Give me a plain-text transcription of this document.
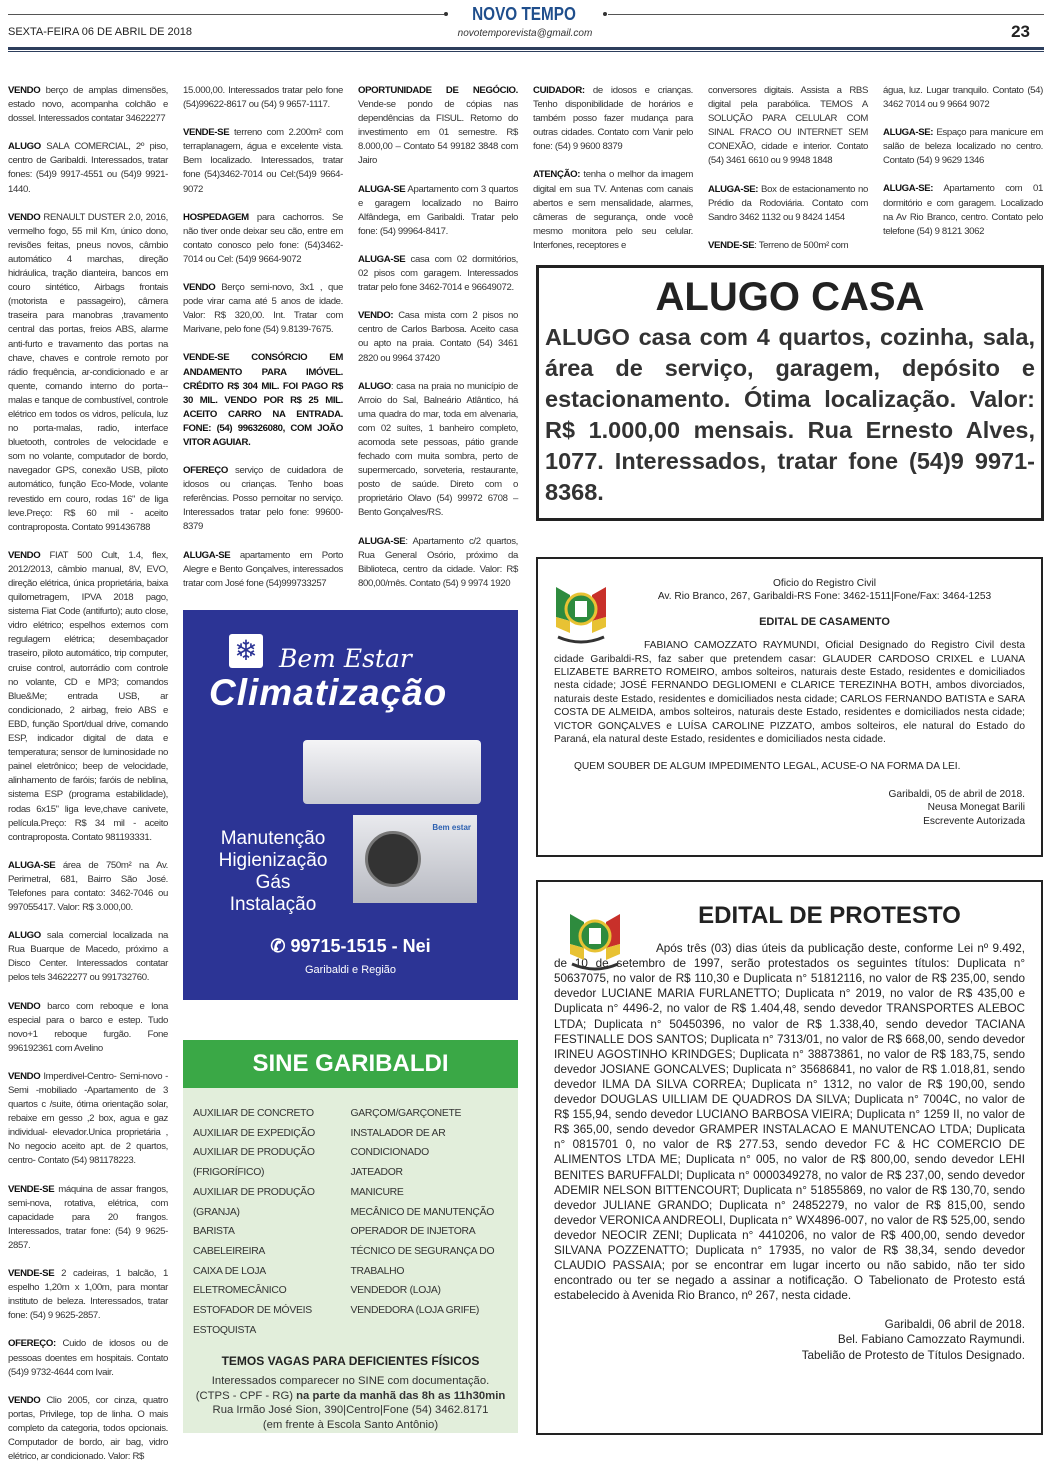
NOVO TEMPO
SEXTA-FEIRA 06 DE ABRIL DE 2018	novotemporevista@gmail.com	23

VENDO berço de amplas dimensões, estado novo, acompanha colchão e dossel. Interessados contatar 34622277

ALUGO SALA COMERCIAL, 2º piso, centro de Garibaldi. Interessados, tratar fones: (54)9 9917-4551 ou (54)9 9921-1440.

VENDO RENAULT DUSTER 2.0, 2016, vermelho fogo, 55 mil Km, único dono, revisões feitas, pneus novos, câmbio automático 4 marchas, direção hidráulica, tração dianteira, bancos em couro sintético, Airbags frontais (motorista e passageiro), câmera traseira para manobras ,travamento central das portas, freios ABS, alarme anti-furto e travamento das portas na chave, chaves e controle remoto por rádio frequência, ar-condicionado e ar quente, comando interno do porta--malas e tanque de combustível, controle elétrico em todos os vidros, película, luz no porta-malas, radio, interface bluetooth, controles de velocidade e som no volante, computador de bordo, navegador GPS, conexão USB, piloto automático, função Eco-Mode, volante revestido em couro, rodas 16" de liga leve.Preço: R$ 60 mil - aceito contraproposta. Contato 991436788

VENDO FIAT 500 Cult, 1.4, flex, 2012/2013, câmbio manual, 8V, EVO, direção elétrica, única proprietária, baixa quilometragem, IPVA 2018 pago, sistema Fiat Code (antifurto); auto close, vidro elétrico; espelhos externos com regulagem elétrica; desembaçador traseiro, piloto automático, trip computer, cruise control, autorrádio com controle no volante, CD e MP3; comandos Blue&Me; entrada USB, ar condicionado, 2 airbag, freio ABS e EBD, função Sport/dual drive, comando ESP, indicador digital de data e temperatura; sensor de luminosidade no painel eletrônico; beep de velocidade, alinhamento de faróis; faróis de neblina, sistema ESP (programa estabilidade), rodas 6x15" liga leve,chave canivete, película.Preço: R$ 34 mil - aceito contraproposta. Contato 981193331.

ALUGA-SE área de 750m² na Av. Perimetral, 681, Bairro São José. Telefones para contato: 3462-7046 ou 997055417. Valor: R$ 3.000,00.

ALUGO sala comercial localizada na Rua Buarque de Macedo, próximo a Disco Center. Interessados contatar pelos tels 34622277 ou 991732760.

VENDO barco com reboque e lona especial para o barco e estep. Tudo novo+1 reboque furgão. Fone 996192361 com Avelino

VENDO Imperdivel-Centro- Semi-novo - Semi -mobiliado -Apartamento de 3 quartos c /suite, ótima orientação solar, rebaixe em gesso ,2 box, agua e gaz individual- elevador.Unica proprietária , No negocio aceito apt. de 2 quartos, centro- Contato (54) 981178223.

VENDE-SE máquina de assar frangos, semi-nova, rotativa, elétrica, com capacidade para 20 frangos. Interessados, tratar fone: (54) 9 9625-2857.

VENDE-SE 2 cadeiras, 1 balcão, 1 espelho 1,20m x 1,00m, para montar instituto de beleza. Interessados, tratar fone: (54) 9 9625-2857.

OFEREÇO: Cuido de idosos ou de pessoas doentes em hospitais. Contato (54)9 9732-4644 com Ivair.

VENDO Clio 2005, cor cinza, quatro portas, Privilege, top de linha. O mais completo da categoria, todos opcionais. Computador de bordo, air bag, vidro elétrico, ar condicionado. Valor: R$

15.000,00. Interessados tratar pelo fone (54)99622-8617 ou (54) 9 9657-1117.

VENDE-SE terreno com 2.200m² com terraplanagem, água e excelente vista. Bem localizado. Interessados, tratar fone (54)3462-7014 ou Cel:(54)9 9664-9072

HOSPEDAGEM para cachorros. Se não tiver onde deixar seu cão, entre em contato conosco pelo fone: (54)3462-7014 ou Cel: (54)9 9664-9072

VENDO Berço semi-novo, 3x1 , que pode virar cama até 5 anos de idade. Valor: R$ 320,00. Int. Tratar com Marivane, pelo fone (54) 9.8139-7675.

VENDE-SE CONSÓRCIO EM ANDAMENTO PARA IMÓVEL. CRÉDITO R$ 304 MIL. FOI PAGO R$ 30 MIL. VENDO POR R$ 25 MIL. ACEITO CARRO NA ENTRADA. FONE: (54) 996326080, COM JOÃO VITOR AGUIAR.

OFEREÇO serviço de cuidadora de idosos ou crianças. Tenho boas referências. Posso pernoitar no serviço. Interessados tratar pelo fone: 99600-8379

ALUGA-SE apartamento em Porto Alegre e Bento Gonçalves, interessados tratar com José fone (54)999733257

OPORTUNIDADE DE NEGÓCIO. Vende-se pondo de cópias nas dependências da FISUL. Retorno do investimento em 01 semestre. R$ 8.000,00 – Contato 54 99182 3848 com Jairo

ALUGA-SE Apartamento com 3 quartos e garagem localizado no Bairro Alfândega, em Garibaldi. Tratar pelo fone: (54) 99964-8417.

ALUGA-SE casa com 02 dormitórios, 02 pisos com garagem. Interessados tratar pelo fone 3462-7014 e 96649072.

VENDO: Casa mista com 2 pisos no centro de Carlos Barbosa. Aceito casa ou apto na praia. Contato (54) 3461 2820 ou 9964 37420

ALUGO: casa na praia no município de Arroio do Sal, Balneário Atlântico, há uma quadra do mar, toda em alvenaria, com 02 suítes, 1 banheiro completo, acomoda sete pessoas, pátio grande fechado com muita sombra, perto de supermercado, sorveteria, restaurante, posto de saúde. Direto com o proprietário Olavo (54) 99972 6708 – Bento Gonçalves/RS.

ALUGA-SE: Apartamento c/2 quartos, Rua General Osório, próximo da Biblioteca, centro da cidade. Valor: R$ 800,00/mês. Contato (54) 9 9974 1920

CUIDADOR: de idosos e crianças. Tenho disponibilidade de horários e também posso fazer mudança para outras cidades. Contato com Vanir pelo fone: (54) 9 9600 8379

ATENÇÃO: tenha o melhor da imagem digital em sua TV. Antenas com canais abertos e sem mensalidade, alarmes, câmeras de segurança, onde você mesmo monitora pelo seu celular. Interfones, receptores e

conversores digitais. Assista a RBS digital pela parabólica. TEMOS A SOLUÇÃO PARA CELULAR COM SINAL FRACO OU INTERNET SEM CONEXÃO, cidade e interior. Contato (54) 3461 6610 ou 9 9948 1848

ALUGA-SE: Box de estacionamento no Prédio da Rodoviária. Contato com Sandro 3462 1132 ou 9 8424 1454

VENDE-SE: Terreno de 500m² com

água, luz. Lugar tranquilo. Contato (54) 3462 7014 ou 9 9664 9072

ALUGA-SE: Espaço para manicure em salão de beleza localizado no centro. Contato (54) 9 9629 1346

ALUGA-SE: Apartamento com 01 dormitório e com garagem. Localizado na Av Rio Branco, centro. Contato pelo telefone (54) 9 8121 3062

ALUGO CASA

ALUGO casa com 4 quartos, cozinha, sala, área de serviço, garagem, depósito e estacionamento. Ótima localização. Valor: R$ 1.000,00 mensais. Rua Ernesto Alves, 1077. Interessados, tratar fone (54)9 9971-8368.

Oficio do Registro Civil
Av. Rio Branco, 267, Garibaldi-RS Fone: 3462-1511|Fone/Fax: 3464-1253
EDITAL DE CASAMENTO

FABIANO CAMOZZATO RAYMUNDI, Oficial Designado do Registro Civil desta cidade Garibaldi-RS, faz saber que pretendem casar: GLAUDER CARDOSO CRIXEL e LUANA ELIZABETE BARRETO ROMEIRO, ambos solteiros, naturais deste Estado, residentes e domiciliados nesta cidade; JOSÉ FERNANDO DEGLIOMENI e CLARICE TEREZINHA BOTH, ambos divorciados, naturais deste Estado, residentes e domiciliados nesta cidade; CARLOS FERNANDO BATISTA e SARA COSTA DE ALMEIDA, ambos solteiros, naturais deste Estado, residentes e domiciliados nesta cidade; VICTOR GONÇALVES e LUÍSA CAROLINE PIZZATO, ambos solteiros, ele natural do Estado do Paraná, ela natural deste Estado, residentes e domiciliados nesta cidade.

QUEM SOUBER DE ALGUM IMPEDIMENTO LEGAL, ACUSE-O NA FORMA DA LEI.

Garibaldi, 05 de abril de 2018.

Neusa Monegat Barili

Escrevente Autorizada

EDITAL DE PROTESTO

Após três (03) dias úteis da publicação deste, conforme Lei nº 9.492, de 10 de setembro de 1997, serão protestados os seguintes títulos: Duplicata n° 50637075, no valor de R$ 110,30 e Duplicata n° 51812116, no valor de R$ 235,00, sendo devedor LUCIANE MARIA FURLANETTO; Duplicata n° 2019, no valor de R$ 435,00 e Duplicata n° 4496-2, no valor de R$ 1.404,48, sendo devedor TRANSPORTES ALEBOC LTDA; Duplicata n° 50450396, no valor de R$ 1.338,40, sendo devedor TACIANA FESTINALLE DOS SANTOS; Duplicata n° 7313/01, no valor de R$ 668,00, sendo devedor IRINEU AGOSTINHO KRINDGES; Duplicata n° 38873861, no valor de R$ 183,75, sendo devedor JOSIANE GONCALVES; Duplicata n° 35686841, no valor de R$ 1.018,81, sendo devedor ILMA DA SILVA CORREA; Duplicata n° 1312, no valor de R$ 190,00, sendo devedor DOUGLAS UILLIAM DE QUADROS DA SILVA; Duplicata n° 7004C, no valor de R$ 155,94, sendo devedor LUCIANO BARBOSA VIEIRA; Duplicata n° 1259 II, no valor de R$ 365,00, sendo devedor GRAMPER INSTALACAO E MANUTENCAO LTDA; Duplicata n° 0815701 0, no valor de R$ 277.53, sendo devedor FC & HC COMERCIO DE ALIMENTOS LTDA ME; Duplicata n° 005, no valor de R$ 800,00, sendo devedor LEHI BENITES BARUFFALDI; Duplicata n° 0000349278, no valor de R$ 237,00, sendo devedor ADEMIR NELSON BITTENCOURT; Duplicata n° 51855869, no valor de R$ 130,70, sendo devedor JULIANE GRANDO; Duplicata n° 24852279, no valor de R$ 815,00, sendo devedor VERONICA ANDREOLI, Duplicata n° WX4896-007, no valor de R$ 525,00, sendo devedor NEOCIR ZENI; Duplicata n° 4410206, no valor de R$ 400,00, sendo devedor SILVANA POZZENATTO; Duplicata n° 17935, no valor de R$ 38,34, sendo devedor CLAUDIO PASSAIA; por se encontrar em lugar incerto ou não sabido, não ter sido encontrado ou ter se negado a assinar a notificação. O Tabelionato de Protesto está estabelecido à Avenida Rio Branco, nº 267, nesta cidade.

Garibaldi, 06 abril de 2018.

Bel. Fabiano Camozzato Raymundi.

Tabelião de Protesto de Títulos Designado.

❄ Bem Estar
Climatização
Bem estar
Manutenção
Higienização
Gás
Instalação
✆ 99715-1515 - Nei
Garibaldi e Região
SINE GARIBALDI
AUXILIAR DE CONCRETO
AUXILIAR DE EXPEDIÇÃO
AUXILIAR DE PRODUÇÃO
(FRIGORÍFICO)
AUXILIAR DE PRODUÇÃO (GRANJA)
BARISTA
CABELEIREIRA
CAIXA DE LOJA
ELETROMECÂNICO
ESTOFADOR DE MÓVEIS
ESTOQUISTA
GARÇOM/GARÇONETE
INSTALADOR DE AR
CONDICIONADO
JATEADOR
MANICURE
MECÂNICO DE MANUTENÇÃO
OPERADOR DE INJETORA
TÉCNICO DE SEGURANÇA DO
TRABALHO
VENDEDOR (LOJA)
VENDEDORA (LOJA GRIFE)
TEMOS VAGAS PARA DEFICIENTES FÍSICOS
Interessados comparecer no SINE com documentação.
(CTPS - CPF - RG) na parte da manhã das 8h as 11h30min
Rua Irmão José Sion, 390|Centro|Fone (54) 3462.8171
(em frente à Escola Santo Antônio)
